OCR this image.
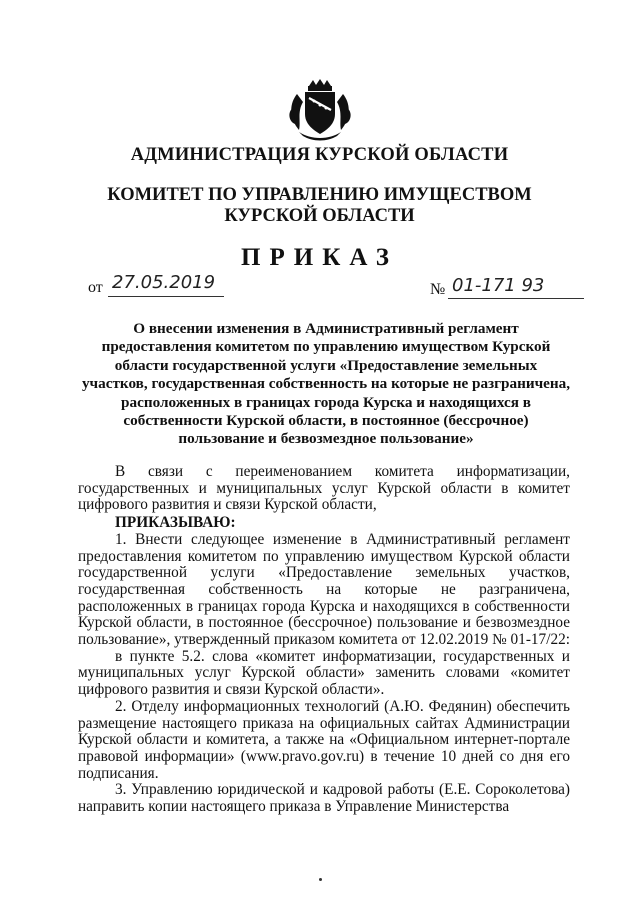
АДМИНИСТРАЦИЯ КУРСКОЙ ОБЛАСТИ
КОМИТЕТ ПО УПРАВЛЕНИЮ ИМУЩЕСТВОМ
КУРСКОЙ ОБЛАСТИ
ПРИКАЗ
от 27.05.2019	№ 01-171 93
О внесении изменения в Административный регламент
предоставления комитетом по управлению имуществом Курской
области государственной услуги «Предоставление земельных
участков, государственная собственность на которые не разграничена,
расположенных в границах города Курска и находящихся в
собственности Курской области, в постоянное (бессрочное)
пользование и безвозмездное пользование»

В связи с переименованием комитета информатизации, государственных и муниципальных услуг Курской области в комитет цифрового развития и связи Курской области,

ПРИКАЗЫВАЮ:

1. Внести следующее изменение в Административный регламент предоставления комитетом по управлению имуществом Курской области государственной услуги «Предоставление земельных участков, государственная собственность на которые не разграничена, расположенных в границах города Курска и находящихся в собственности Курской области, в постоянное (бессрочное) пользование и безвозмездное пользование», утвержденный приказом комитета от 12.02.2019 № 01-17/22:

в пункте 5.2. слова «комитет информатизации, государственных и муниципальных услуг Курской области» заменить словами «комитет цифрового развития и связи Курской области».

2. Отделу информационных технологий (А.Ю. Федянин) обеспечить размещение настоящего приказа на официальных сайтах Администрации Курской области и комитета, а также на «Официальном интернет-портале правовой информации» (www.pravo.gov.ru) в течение 10 дней со дня его подписания.

3. Управлению юридической и кадровой работы (Е.Е. Сороколетова) направить копии настоящего приказа в Управление Министерства
